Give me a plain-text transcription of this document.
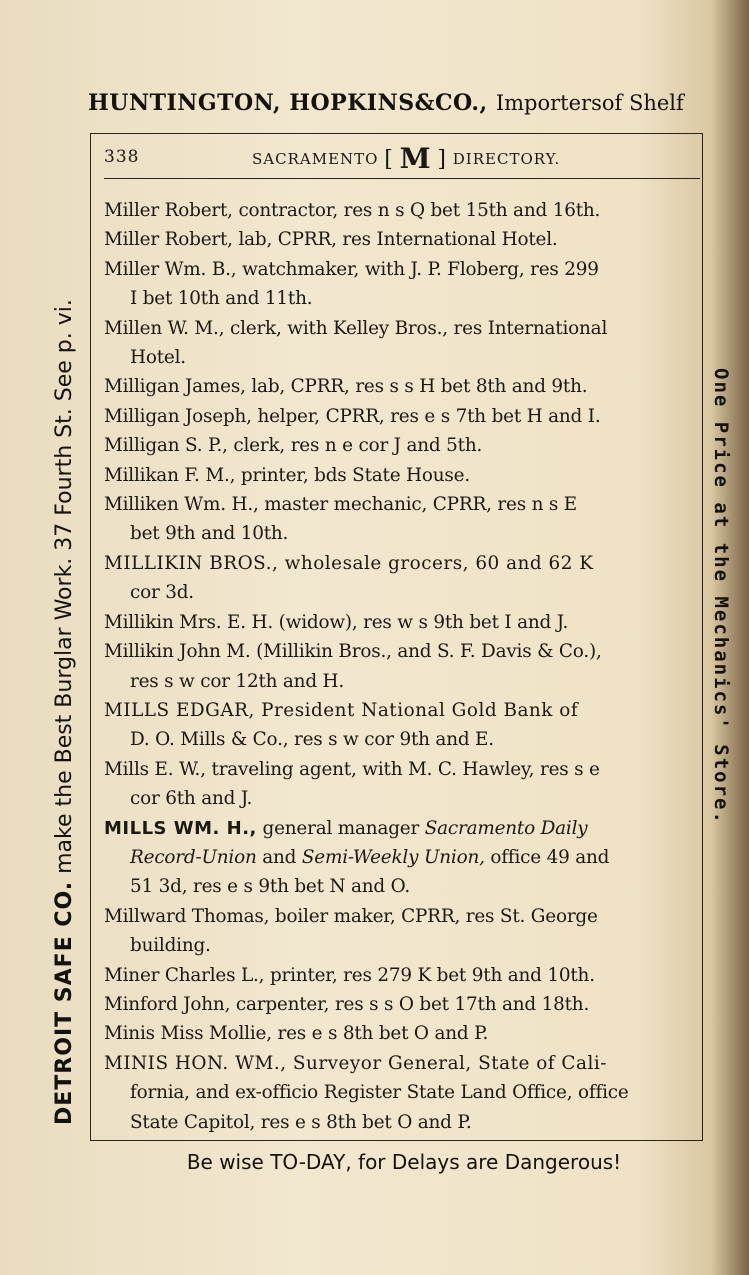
HUNTINGTON, HOPKINS&CO., Importersof Shelf
DETROIT SAFE CO. make the Best Burglar Work. 37 Fourth St. See p. vi.	One Price at the Mechanics' Store.
338	SACRAMENTO [ M ] DIRECTORY.
Miller Robert, contractor, res n s Q bet 15th and 16th.
Miller Robert, lab, CPRR, res International Hotel.
Miller Wm. B., watchmaker, with J. P. Floberg, res 299
I bet 10th and 11th.
Millen W. M., clerk, with Kelley Bros., res International
Hotel.
Milligan James, lab, CPRR, res s s H bet 8th and 9th.
Milligan Joseph, helper, CPRR, res e s 7th bet H and I.
Milligan S. P., clerk, res n e cor J and 5th.
Millikan F. M., printer, bds State House.
Milliken Wm. H., master mechanic, CPRR, res n s E
bet 9th and 10th.
MILLIKIN BROS., wholesale grocers, 60 and 62 K
cor 3d.
Millikin Mrs. E. H. (widow), res w s 9th bet I and J.
Millikin John M. (Millikin Bros., and S. F. Davis & Co.),
res s w cor 12th and H.
MILLS EDGAR, President National Gold Bank of
D. O. Mills & Co., res s w cor 9th and E.
Mills E. W., traveling agent, with M. C. Hawley, res s e
cor 6th and J.
MILLS WM. H., general manager Sacramento Daily
Record-Union and Semi-Weekly Union, office 49 and
51 3d, res e s 9th bet N and O.
Millward Thomas, boiler maker, CPRR, res St. George
building.
Miner Charles L., printer, res 279 K bet 9th and 10th.
Minford John, carpenter, res s s O bet 17th and 18th.
Minis Miss Mollie, res e s 8th bet O and P.
MINIS HON. WM., Surveyor General, State of Cali-
fornia, and ex-officio Register State Land Office, office
State Capitol, res e s 8th bet O and P.
Be wise TO-DAY, for Delays are Dangerous!
